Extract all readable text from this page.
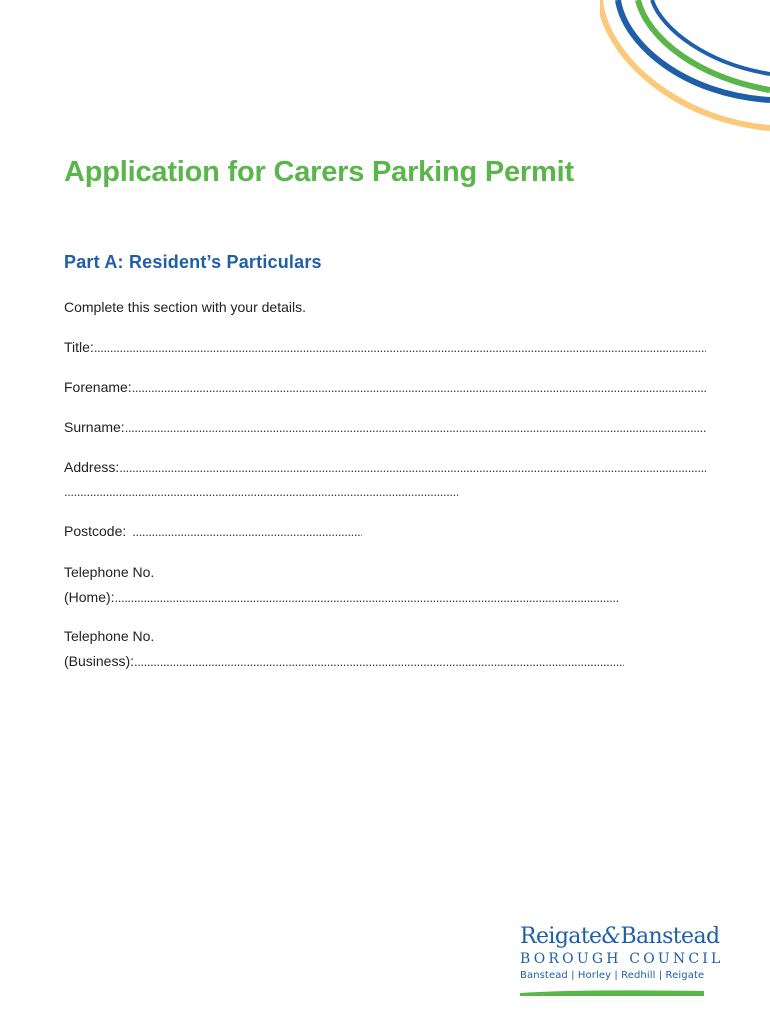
Application for Carers Parking Permit
Part A: Resident’s Particulars
Complete this section with your details.
Title:
.....
Forename:
.....
Surname:
.....
Address:
.....
.....
Postcode:
.....
Telephone No.
(Home):
.....
Telephone No.
(Business):
.....
Reigate&Banstead
BOROUGH COUNCIL
Banstead | Horley | Redhill | Reigate
